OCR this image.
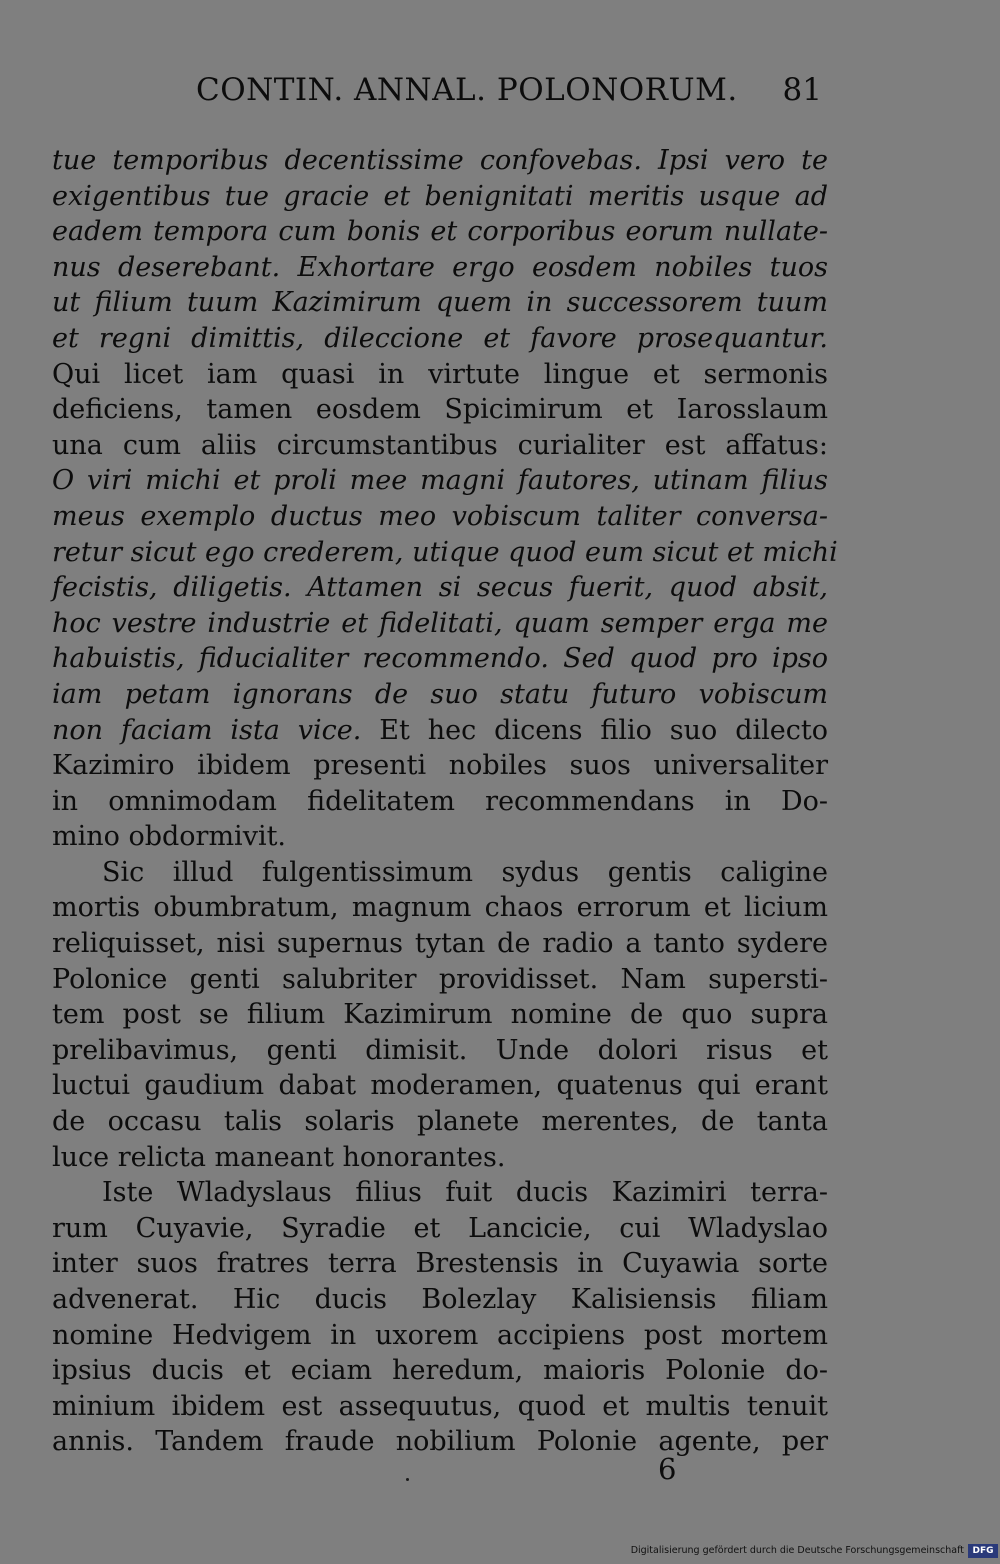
CONTIN. ANNAL. POLONORUM. 81
tue temporibus decentissime confovebas. Ipsi vero te
exigentibus tue gracie et benignitati meritis usque ad
eadem tempora cum bonis et corporibus eorum nullate-
nus deserebant. Exhortare ergo eosdem nobiles tuos
ut filium tuum Kazimirum quem in successorem tuum
et regni dimittis, dileccione et favore prosequantur.
Qui licet iam quasi in virtute lingue et sermonis
deficiens, tamen eosdem Spicimirum et Iarosslaum
una cum aliis circumstantibus curialiter est affatus:
O viri michi et proli mee magni fautores, utinam filius
meus exemplo ductus meo vobiscum taliter conversa-
retur sicut ego crederem, utique quod eum sicut et michi
fecistis, diligetis. Attamen si secus fuerit, quod absit,
hoc vestre industrie et fidelitati, quam semper erga me
habuistis, fiducialiter recommendo. Sed quod pro ipso
iam petam ignorans de suo statu futuro vobiscum
non faciam ista vice. Et hec dicens filio suo dilecto
Kazimiro ibidem presenti nobiles suos universaliter
in omnimodam fidelitatem recommendans in Do-
mino obdormivit.
Sic illud fulgentissimum sydus gentis caligine
mortis obumbratum, magnum chaos errorum et licium
reliquisset, nisi supernus tytan de radio a tanto sydere
Polonice genti salubriter providisset. Nam supersti-
tem post se filium Kazimirum nomine de quo supra
prelibavimus, genti dimisit. Unde dolori risus et
luctui gaudium dabat moderamen, quatenus qui erant
de occasu talis solaris planete merentes, de tanta
luce relicta maneant honorantes.
Iste Wladyslaus filius fuit ducis Kazimiri terra-
rum Cuyavie, Syradie et Lancicie, cui Wladyslao
inter suos fratres terra Brestensis in Cuyawia sorte
advenerat. Hic ducis Bolezlay Kalisiensis filiam
nomine Hedvigem in uxorem accipiens post mortem
ipsius ducis et eciam heredum, maioris Polonie do-
minium ibidem est assequutus, quod et multis tenuit
annis. Tandem fraude nobilium Polonie agente, per
6
Digitalisierung gefördert durch die Deutsche Forschungsgemeinschaft DFG
